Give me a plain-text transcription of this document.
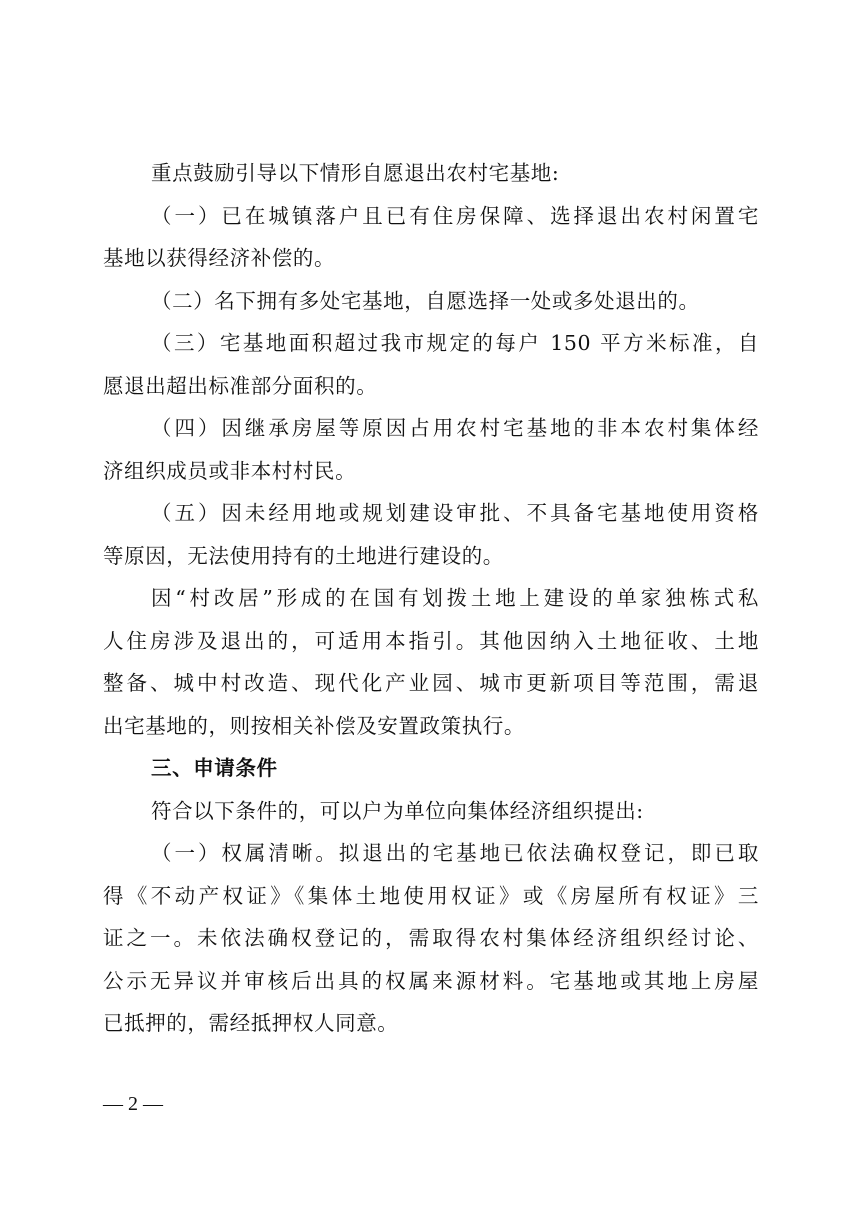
重点鼓励引导以下情形自愿退出农村宅基地:
（一）已在城镇落户且已有住房保障、选择退出农村闲置宅
基地以获得经济补偿的。
（二）名下拥有多处宅基地，自愿选择一处或多处退出的。
（三）宅基地面积超过我市规定的每户 150 平方米标准，自
愿退出超出标准部分面积的。
（四）因继承房屋等原因占用农村宅基地的非本农村集体经
济组织成员或非本村村民。
（五）因未经用地或规划建设审批、不具备宅基地使用资格
等原因，无法使用持有的土地进行建设的。
因“村改居”形成的在国有划拨土地上建设的单家独栋式私
人住房涉及退出的，可适用本指引。其他因纳入土地征收、土地
整备、城中村改造、现代化产业园、城市更新项目等范围，需退
出宅基地的，则按相关补偿及安置政策执行。
三、申请条件
符合以下条件的，可以户为单位向集体经济组织提出:
（一）权属清晰。拟退出的宅基地已依法确权登记，即已取
得《不动产权证》《集体土地使用权证》或《房屋所有权证》三
证之一。未依法确权登记的，需取得农村集体经济组织经讨论、
公示无异议并审核后出具的权属来源材料。宅基地或其地上房屋
已抵押的，需经抵押权人同意。
— 2 —
